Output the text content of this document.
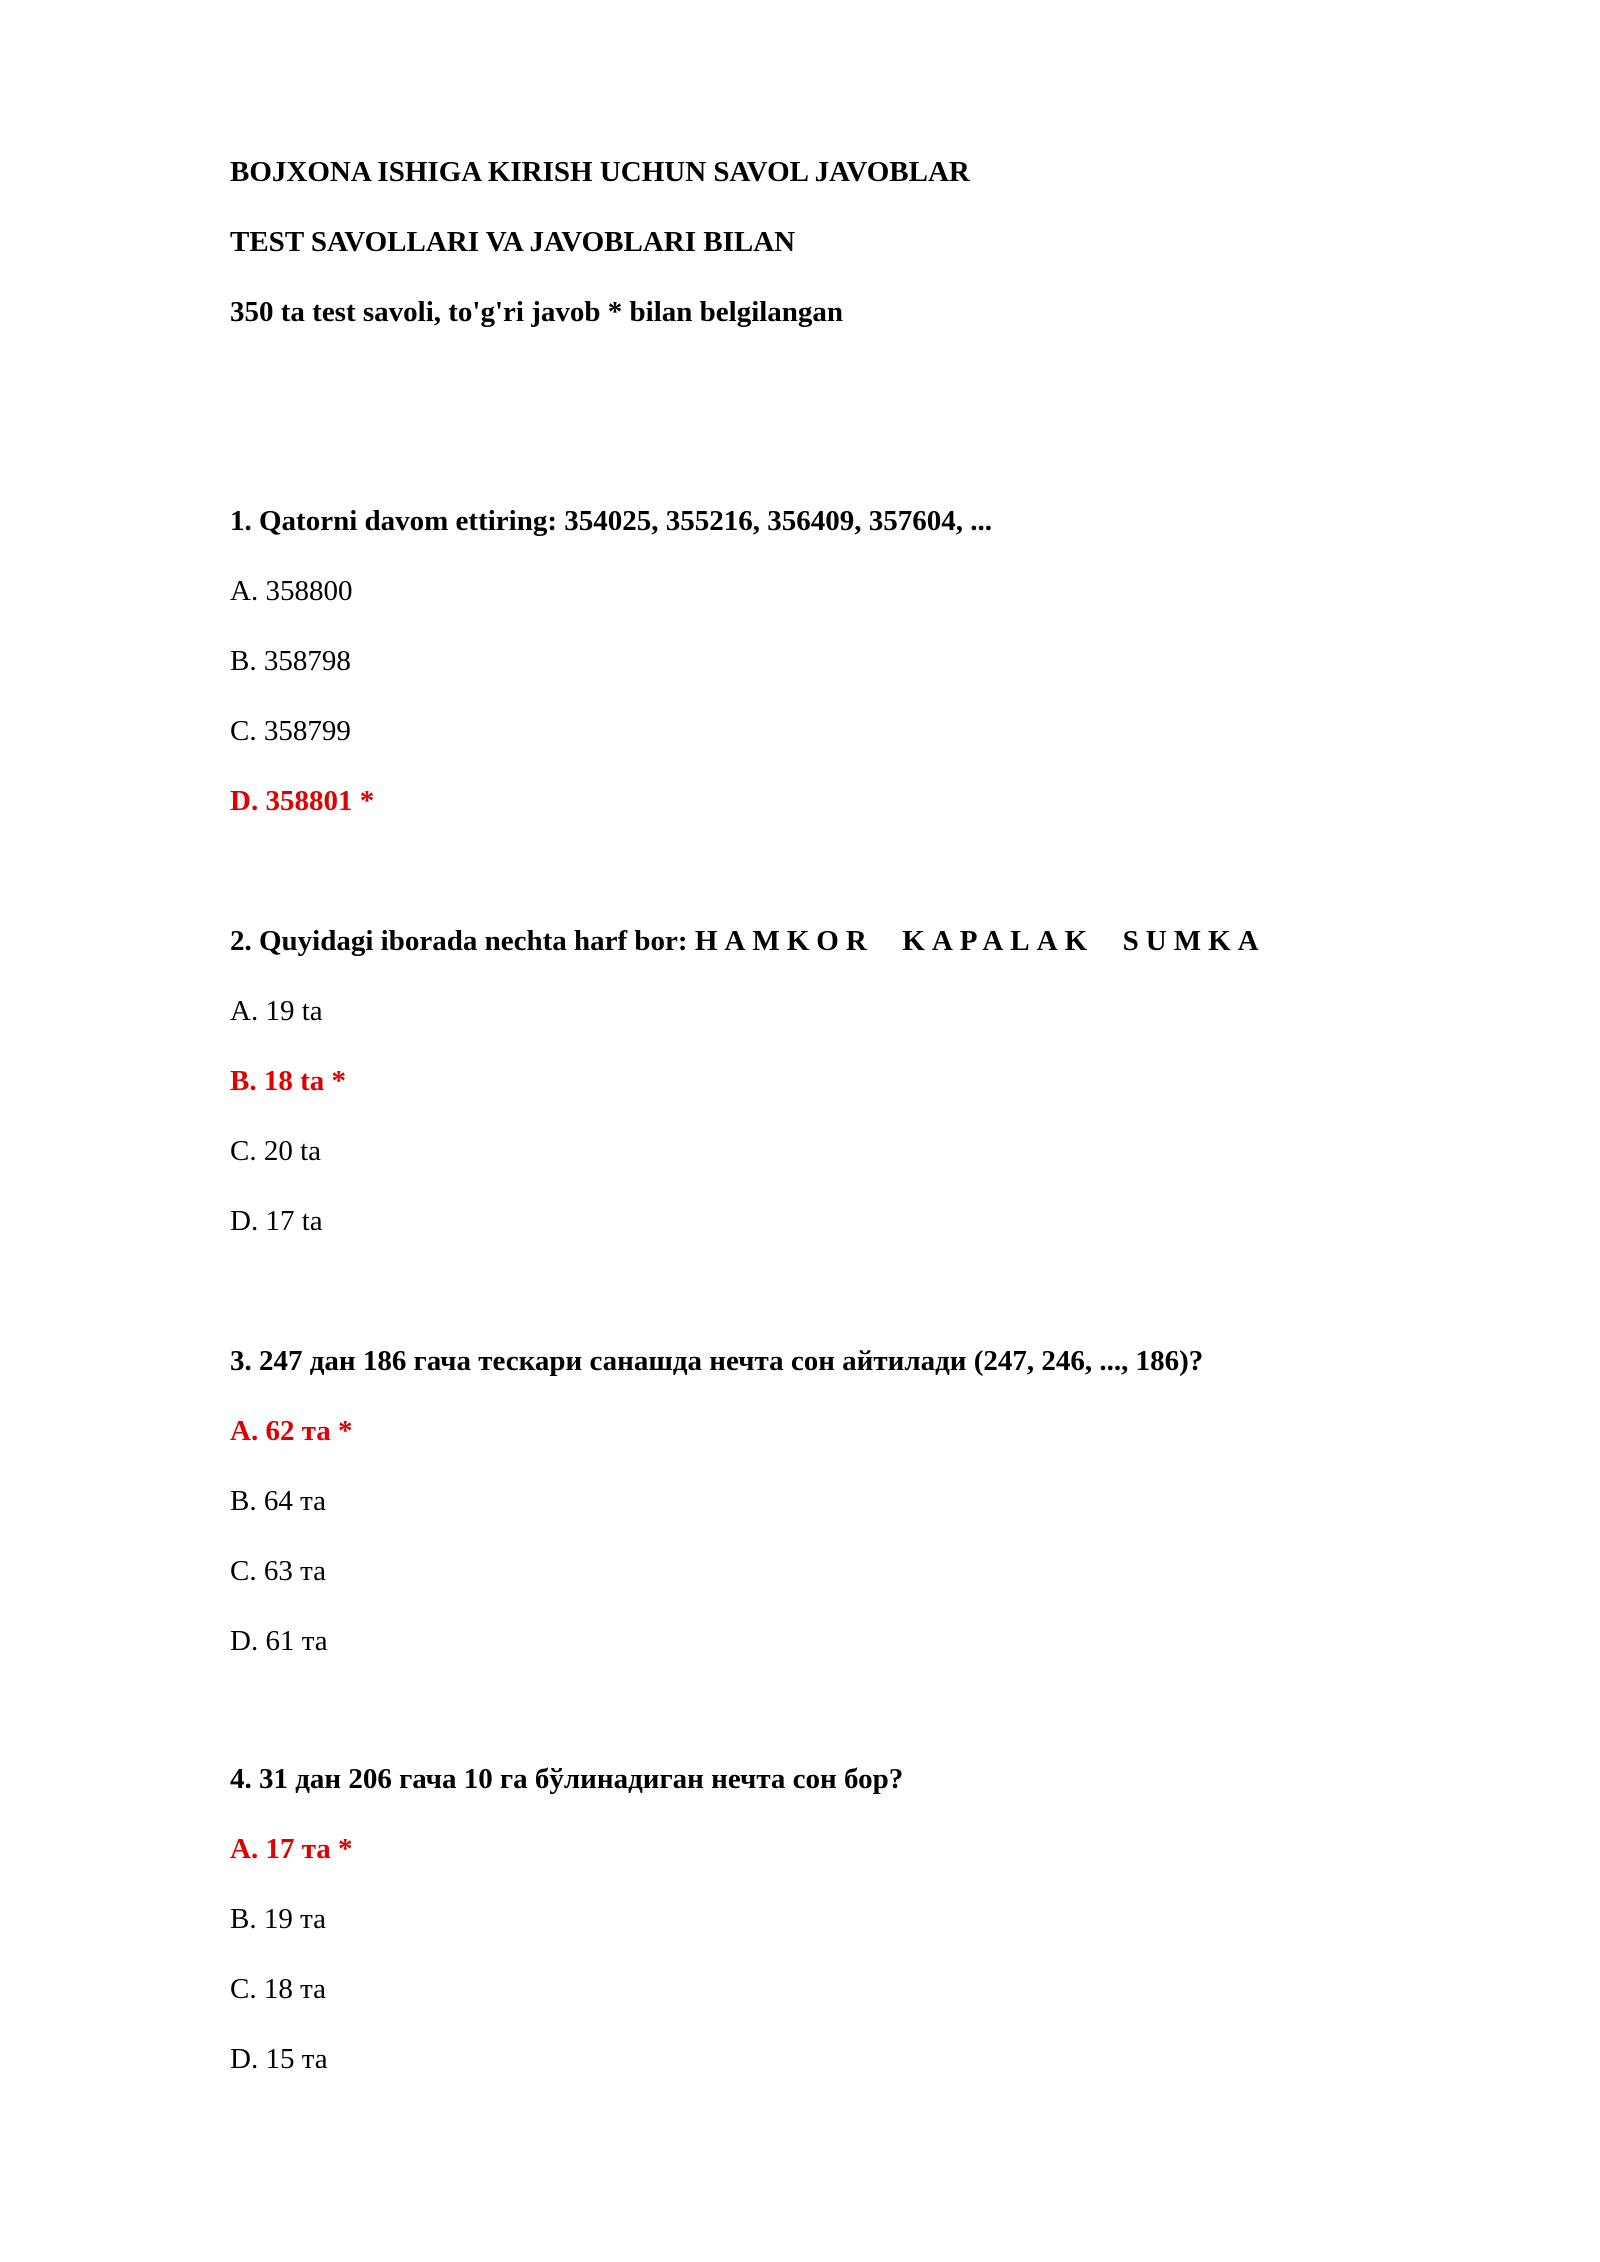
BOJXONA ISHIGA KIRISH UCHUN SAVOL JAVOBLAR
TEST SAVOLLARI VA JAVOBLARI BILAN
350 ta test savoli, to'g'ri javob * bilan belgilangan
1. Qatorni davom ettiring: 354025, 355216, 356409, 357604, ...
A. 358800
B. 358798
C. 358799
D. 358801 *
2. Quyidagi iborada nechta harf bor: HAMKOR  KAPALAK  SUMKA
A. 19 ta
B. 18 ta *
C. 20 ta
D. 17 ta
3. 247 дан 186 гача тескари санашда нечта сон айтилади (247, 246, ..., 186)?
A. 62 та *
B. 64 та
C. 63 та
D. 61 та
4. 31 дан 206 гача 10 га бўлинадиган нечта сон бор?
A. 17 та *
B. 19 та
C. 18 та
D. 15 та
